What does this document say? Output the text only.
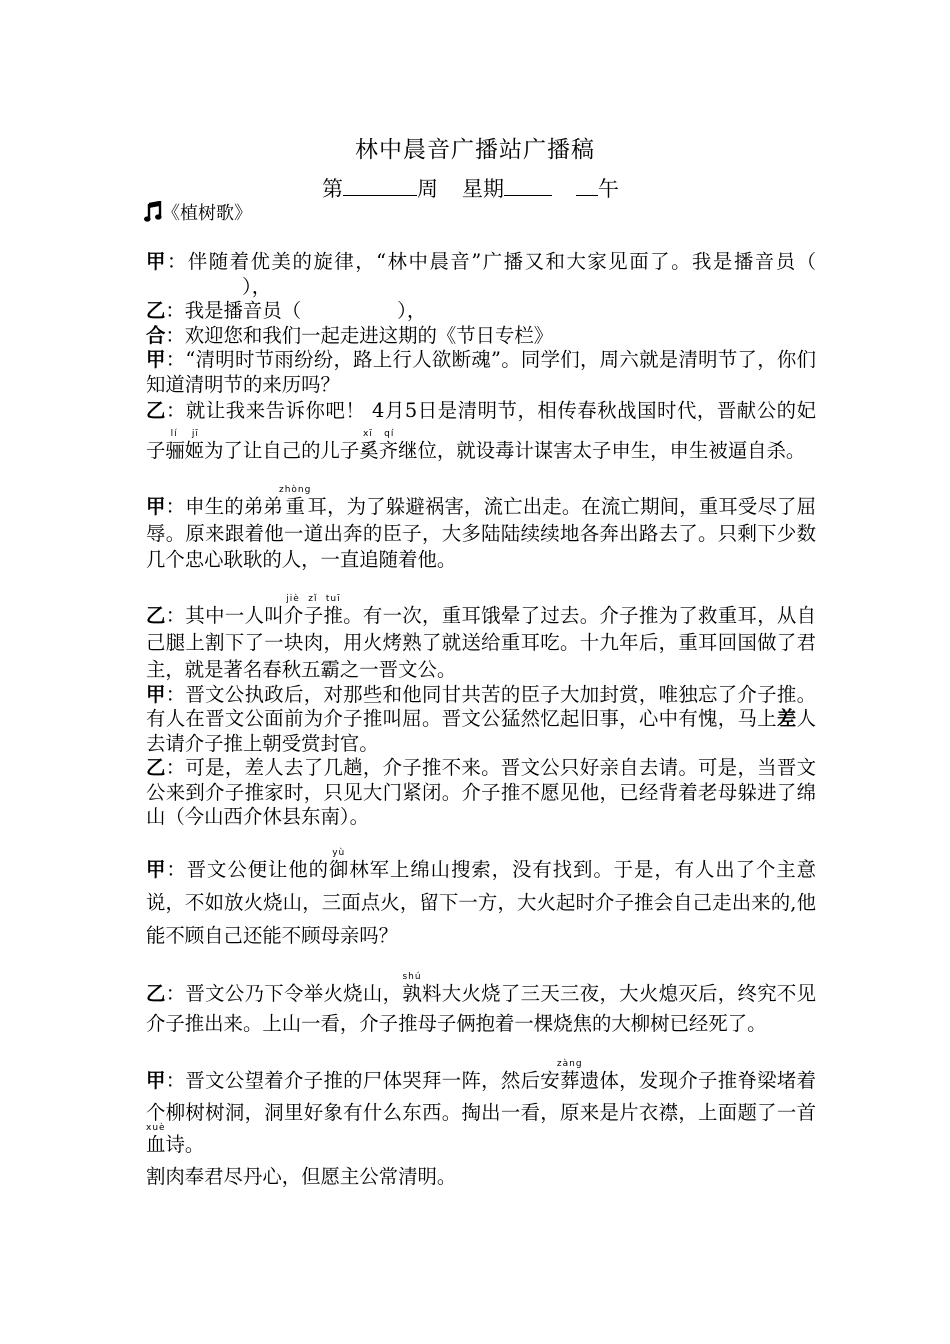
林中晨音广播站广播稿
第	周 星期	午
《植树歌》

甲：伴随着优美的旋律，“林中晨音”广播又和大家见面了。我是播音员（），

乙：我是播音员（	），

合：欢迎您和我们一起走进这期的《节日专栏》

甲：“清明时节雨纷纷，路上行人欲断魂”。同学们，周六就是清明节了，你们知道清明节的来历吗？

乙：就让我来告诉你吧！ 4月5日是清明节，相传春秋战国时代，晋献公的妃子骊姬lí jī为了让自己的儿子奚齐xī qí继位，就设毒计谋害太子申生，申生被逼自杀。

甲：申生的弟弟重zhòng耳，为了躲避祸害，流亡出走。在流亡期间，重耳受尽了屈辱。原来跟着他一道出奔的臣子，大多陆陆续续地各奔出路去了。只剩下少数几个忠心耿耿的人，一直追随着他。

乙：其中一人叫介子推jiè zǐ tuī。有一次，重耳饿晕了过去。介子推为了救重耳，从自己腿上割下了一块肉，用火烤熟了就送给重耳吃。十九年后，重耳回国做了君主，就是著名春秋五霸之一晋文公。

甲：晋文公执政后，对那些和他同甘共苦的臣子大加封赏，唯独忘了介子推。有人在晋文公面前为介子推叫屈。晋文公猛然忆起旧事，心中有愧，马上差人去请介子推上朝受赏封官。

乙：可是，差人去了几趟，介子推不来。晋文公只好亲自去请。可是，当晋文公来到介子推家时，只见大门紧闭。介子推不愿见他，已经背着老母躲进了绵山（今山西介休县东南）。

甲：晋文公便让他的御yù林军上绵山搜索，没有找到。于是，有人出了个主意说，不如放火烧山，三面点火，留下一方，大火起时介子推会自己走出来的,他能不顾自己还能不顾母亲吗？

乙：晋文公乃下令举火烧山，孰shú料大火烧了三天三夜，大火熄灭后，终究不见介子推出来。上山一看，介子推母子俩抱着一棵烧焦的大柳树已经死了。

甲：晋文公望着介子推的尸体哭拜一阵，然后安葬zàng遗体，发现介子推脊梁堵着个柳树树洞，洞里好象有什么东西。掏出一看，原来是片衣襟，上面题了一首血xuè诗。

割肉奉君尽丹心，但愿主公常清明。
